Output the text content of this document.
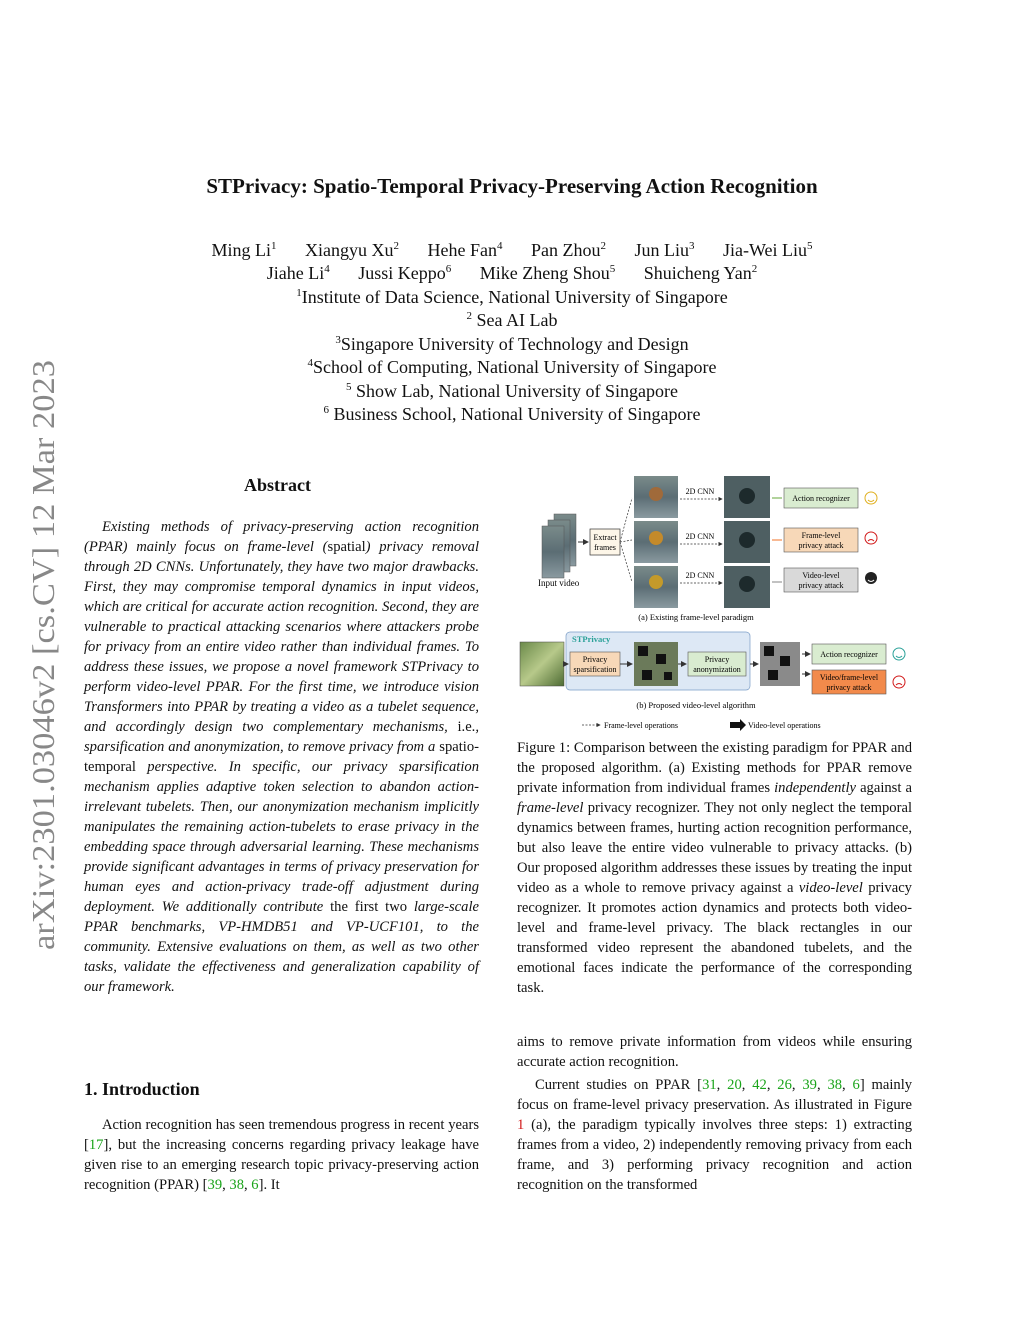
STPrivacy: Spatio-Temporal Privacy-Preserving Action Recognition
Ming Li$^1$ Xiangyu Xu$^2$ Hehe Fan$^4$ Pan Zhou$^2$ Jun Liu$^3$ Jia-Wei Liu$^5$
Jiahe Li$^4$ Jussi Keppo$^6$ Mike Zheng Shou$^5$ Shuicheng Yan$^2$
$^1$Institute of Data Science, National University of Singapore
$^2$ Sea AI Lab
$^3$Singapore University of Technology and Design
$^4$School of Computing, National University of Singapore
$^5$ Show Lab, National University of Singapore
$^6$ Business School, National University of Singapore
arXiv:2301.03046v2 [cs.CV] 12 Mar 2023	Abstract

Existing methods of privacy-preserving action recognition (PPAR) mainly focus on frame-level (spatial) privacy removal through 2D CNNs. Unfortunately, they have two major drawbacks. First, they may compromise temporal dynamics in input videos, which are critical for accurate action recognition. Second, they are vulnerable to practical attacking scenarios where attackers probe for privacy from an entire video rather than individual frames. To address these issues, we propose a novel framework STPrivacy to perform video-level PPAR. For the first time, we introduce vision Transformers into PPAR by treating a video as a tubelet sequence, and accordingly design two complementary mechanisms, i.e., sparsification and anonymization, to remove privacy from a spatio-temporal perspective. In specific, our privacy sparsification mechanism applies adaptive token selection to abandon action-irrelevant tubelets. Then, our anonymization mechanism implicitly manipulates the remaining action-tubelets to erase privacy in the embedding space through adversarial learning. These mechanisms provide significant advantages in terms of privacy preservation for human eyes and action-privacy trade-off adjustment during deployment. We additionally contribute the first two large-scale PPAR benchmarks, VP-HMDB51 and VP-UCF101, to the community. Extensive evaluations on them, as well as two other tasks, validate the effectiveness and generalization capability of our framework.

1. Introduction

Action recognition has seen tremendous progress in recent years [17], but the increasing concerns regarding privacy leakage have given rise to an emerging research topic privacy-preserving action recognition (PPAR) [39, 38, 6]. It

Input video
Extract
frames
2D CNN
2D CNN
2D CNN
Action recognizer
Frame-level
privacy attack
Video-level
privacy attack
(a) Existing frame-level paradigm
STPrivacy
Privacy
sparsification
Privacy
anonymization
Action recognizer
Video/frame-level
privacy attack
(b) Proposed video-level algorithm
Frame-level operations	Video-level operations

Figure 1: Comparison between the existing paradigm for PPAR and the proposed algorithm. (a) Existing methods for PPAR remove private information from individual frames independently against a frame-level privacy recognizer. They not only neglect the temporal dynamics between frames, hurting action recognition performance, but also leave the entire video vulnerable to privacy attacks. (b) Our proposed algorithm addresses these issues by treating the input video as a whole to remove privacy against a video-level privacy recognizer. It promotes action dynamics and protects both video-level and frame-level privacy. The black rectangles in our transformed video represent the abandoned tubelets, and the emotional faces indicate the performance of the corresponding task.

aims to remove private information from videos while ensuring accurate action recognition.

Current studies on PPAR [31, 20, 42, 26, 39, 38, 6] mainly focus on frame-level privacy preservation. As illustrated in Figure 1 (a), the paradigm typically involves three steps: 1) extracting frames from a video, 2) independently removing privacy from each frame, and 3) performing privacy recognition and action recognition on the transformed
